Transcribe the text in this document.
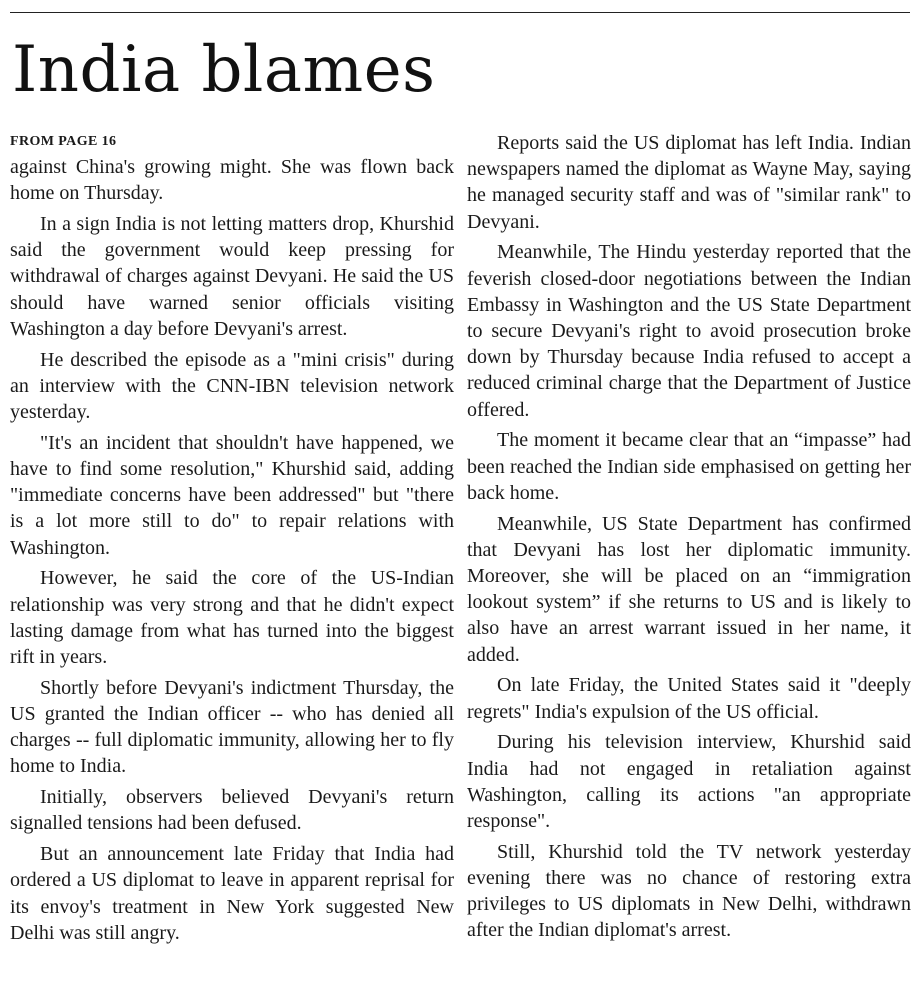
India blames
FROM PAGE 16

against China's growing might. She was flown back home on Thursday.

In a sign India is not letting matters drop, Khurshid said the government would keep pressing for withdrawal of charges against Devyani. He said the US should have warned senior officials visiting Washington a day before Devyani's arrest.

He described the episode as a "mini crisis" during an interview with the CNN-IBN television network yesterday.

"It's an incident that shouldn't have happened, we have to find some resolution," Khurshid said, adding "immediate concerns have been addressed" but "there is a lot more still to do" to repair relations with Washington.

However, he said the core of the US-Indian relationship was very strong and that he didn't expect lasting damage from what has turned into the biggest rift in years.

Shortly before Devyani's indictment Thursday, the US granted the Indian officer -- who has denied all charges -- full diplomatic immunity, allowing her to fly home to India.

Initially, observers believed Devyani's return signalled tensions had been defused.

But an announcement late Friday that India had ordered a US diplomat to leave in apparent reprisal for its envoy's treatment in New York suggested New Delhi was still angry.

Reports said the US diplomat has left India. Indian newspapers named the diplomat as Wayne May, saying he managed security staff and was of "similar rank" to Devyani.

Meanwhile, The Hindu yesterday reported that the feverish closed-door negotiations between the Indian Embassy in Washington and the US State Department to secure Devyani's right to avoid prosecution broke down by Thursday because India refused to accept a reduced criminal charge that the Department of Justice offered.

The moment it became clear that an “impasse” had been reached the Indian side emphasised on getting her back home.

Meanwhile, US State Department has confirmed that Devyani has lost her diplomatic immunity. Moreover, she will be placed on an “immigration lookout system” if she returns to US and is likely to also have an arrest warrant issued in her name, it added.

On late Friday, the United States said it "deeply regrets" India's expulsion of the US official.

During his television interview, Khurshid said India had not engaged in retaliation against Washington, calling its actions "an appropriate response".

Still, Khurshid told the TV network yesterday evening there was no chance of restoring extra privileges to US diplomats in New Delhi, withdrawn after the Indian diplomat's arrest.
